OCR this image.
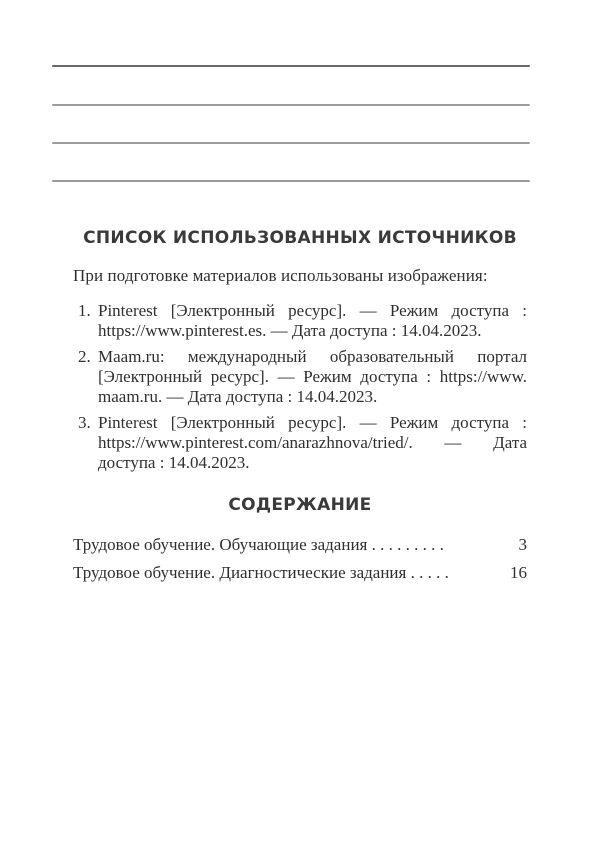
СПИСОК ИСПОЛЬЗОВАННЫХ ИСТОЧНИКОВ

При подготовке материалов использованы изображения:

1. Pinterest [Электронный ресурс]. — Режим доступа :
https://www.pinterest.es. — Дата доступа : 14.04.2023.
2. Maam.ru: международный образовательный портал
[Электронный ресурс]. — Режим доступа : https://www.
maam.ru. — Дата доступа : 14.04.2023.
3. Pinterest [Электронный ресурс]. — Режим доступа :
https://www.pinterest.com/anarazhnova/tried/. — Дата
доступа : 14.04.2023.
СОДЕРЖАНИЕ
Трудовое обучение. Обучающие задания . . . . . . . . .	3
Трудовое обучение. Диагностические задания . . . . .	16
